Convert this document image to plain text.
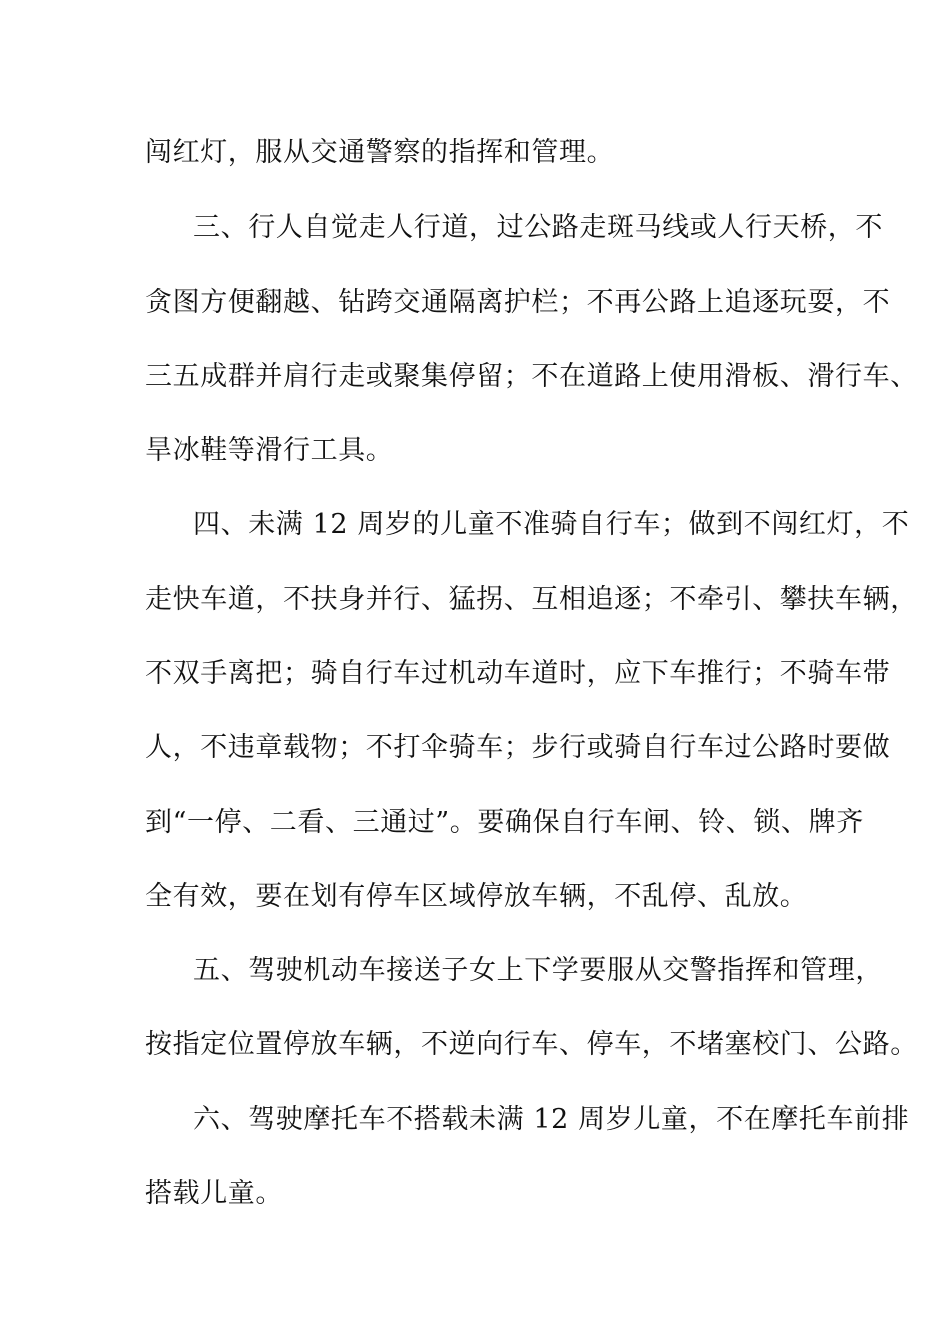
闯红灯，服从交通警察的指挥和管理。
三、行人自觉走人行道，过公路走斑马线或人行天桥，不
贪图方便翻越、钻跨交通隔离护栏；不再公路上追逐玩耍，不
三五成群并肩行走或聚集停留；不在道路上使用滑板、滑行车、
旱冰鞋等滑行工具。
四、未满 12 周岁的儿童不准骑自行车；做到不闯红灯，不
走快车道，不扶身并行、猛拐、互相追逐；不牵引、攀扶车辆，
不双手离把；骑自行车过机动车道时，应下车推行；不骑车带
人，不违章载物；不打伞骑车；步行或骑自行车过公路时要做
到“一停、二看、三通过”。要确保自行车闸、铃、锁、牌齐
全有效，要在划有停车区域停放车辆，不乱停、乱放。
五、驾驶机动车接送子女上下学要服从交警指挥和管理，
按指定位置停放车辆，不逆向行车、停车，不堵塞校门、公路。
六、驾驶摩托车不搭载未满 12 周岁儿童，不在摩托车前排
搭载儿童。
